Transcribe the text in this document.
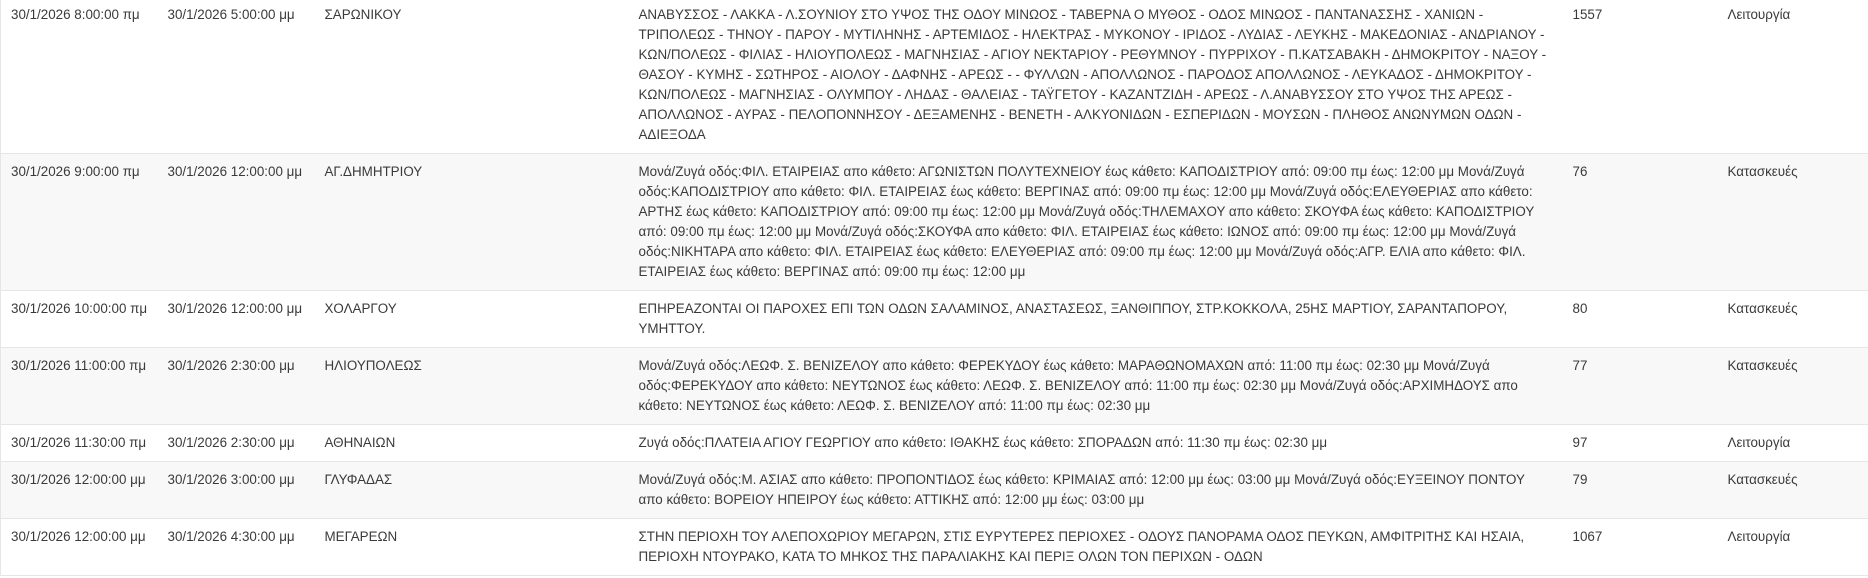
30/1/2026 8:00:00 πμ	30/1/2026 5:00:00 μμ	ΣΑΡΩΝΙΚΟΥ	ΑΝΑΒΥΣΣΟΣ - ΛΑΚΚΑ - Λ.ΣΟΥΝΙΟΥ ΣΤΟ ΥΨΟΣ ΤΗΣ ΟΔΟΥ ΜΙΝΩΟΣ - ΤΑΒΕΡΝΑ Ο ΜΥΘΟΣ - ΟΔΟΣ ΜΙΝΩΟΣ - ΠΑΝΤΑΝΑΣΣΗΣ - ΧΑΝΙΩΝ - ΤΡΙΠΟΛΕΩΣ - ΤΗΝΟΥ - ΠΑΡΟΥ - ΜΥΤΙΛΗΝΗΣ - ΑΡΤΕΜΙΔΟΣ - ΗΛΕΚΤΡΑΣ - ΜΥΚΟΝΟΥ - ΙΡΙΔΟΣ - ΛΥΔΙΑΣ - ΛΕΥΚΗΣ - ΜΑΚΕΔΟΝΙΑΣ - ΑΝΔΡΙΑΝΟΥ - ΚΩΝ/ΠΟΛΕΩΣ - ΦΙΛΙΑΣ - ΗΛΙΟΥΠΟΛΕΩΣ - ΜΑΓΝΗΣΙΑΣ - ΑΓΙΟΥ ΝΕΚΤΑΡΙΟΥ - ΡΕΘΥΜΝΟΥ - ΠΥΡΡΙΧΟΥ - Π.ΚΑΤΣΑΒΑΚΗ - ΔΗΜΟΚΡΙΤΟΥ - ΝΑΞΟΥ - ΘΑΣΟΥ - ΚΥΜΗΣ - ΣΩΤΗΡΟΣ - ΑΙΟΛΟΥ - ΔΑΦΝΗΣ - ΑΡΕΩΣ - - ΦΥΛΛΩΝ - ΑΠΟΛΛΩΝΟΣ - ΠΑΡΟΔΟΣ ΑΠΟΛΛΩΝΟΣ - ΛΕΥΚΑΔΟΣ - ΔΗΜΟΚΡΙΤΟΥ - ΚΩΝ/ΠΟΛΕΩΣ - ΜΑΓΝΗΣΙΑΣ - ΟΛΥΜΠΟΥ - ΛΗΔΑΣ - ΘΑΛΕΙΑΣ - ΤΑΫΓΕΤΟΥ - ΚΑΖΑΝΤΖΙΔΗ - ΑΡΕΩΣ - Λ.ΑΝΑΒΥΣΣΟΥ ΣΤΟ ΥΨΟΣ ΤΗΣ ΑΡΕΩΣ - ΑΠΟΛΛΩΝΟΣ - ΑΥΡΑΣ - ΠΕΛΟΠΟΝΝΗΣΟΥ - ΔΕΞΑΜΕΝΗΣ - ΒΕΝΕΤΗ - ΑΛΚΥΟΝΙΔΩΝ - ΕΣΠΕΡΙΔΩΝ - ΜΟΥΣΩΝ - ΠΛΗΘΟΣ ΑΝΩΝΥΜΩΝ ΟΔΩΝ - ΑΔΙΕΞΟΔΑ	1557	Λειτουργία
30/1/2026 9:00:00 πμ	30/1/2026 12:00:00 μμ	ΑΓ.ΔΗΜΗΤΡΙΟΥ	Μονά/Ζυγά οδός:ΦΙΛ. ΕΤΑΙΡΕΙΑΣ απο κάθετο: ΑΓΩΝΙΣΤΩΝ ΠΟΛΥΤΕΧΝΕΙΟΥ έως κάθετο: ΚΑΠΟΔΙΣΤΡΙΟΥ από: 09:00 πμ έως: 12:00 μμ Μονά/Ζυγά οδός:ΚΑΠΟΔΙΣΤΡΙΟΥ απο κάθετο: ΦΙΛ. ΕΤΑΙΡΕΙΑΣ έως κάθετο: ΒΕΡΓΙΝΑΣ από: 09:00 πμ έως: 12:00 μμ Μονά/Ζυγά οδός:ΕΛΕΥΘΕΡΙΑΣ απο κάθετο: ΑΡΤΗΣ έως κάθετο: ΚΑΠΟΔΙΣΤΡΙΟΥ από: 09:00 πμ έως: 12:00 μμ Μονά/Ζυγά οδός:ΤΗΛΕΜΑΧΟΥ απο κάθετο: ΣΚΟΥΦΑ έως κάθετο: ΚΑΠΟΔΙΣΤΡΙΟΥ από: 09:00 πμ έως: 12:00 μμ Μονά/Ζυγά οδός:ΣΚΟΥΦΑ απο κάθετο: ΦΙΛ. ΕΤΑΙΡΕΙΑΣ έως κάθετο: ΙΩΝΟΣ από: 09:00 πμ έως: 12:00 μμ Μονά/Ζυγά οδός:ΝΙΚΗΤΑΡΑ απο κάθετο: ΦΙΛ. ΕΤΑΙΡΕΙΑΣ έως κάθετο: ΕΛΕΥΘΕΡΙΑΣ από: 09:00 πμ έως: 12:00 μμ Μονά/Ζυγά οδός:ΑΓΡ. ΕΛΙΑ απο κάθετο: ΦΙΛ. ΕΤΑΙΡΕΙΑΣ έως κάθετο: ΒΕΡΓΙΝΑΣ από: 09:00 πμ έως: 12:00 μμ	76	Κατασκευές
30/1/2026 10:00:00 πμ	30/1/2026 12:00:00 μμ	ΧΟΛΑΡΓΟΥ	ΕΠΗΡΕΑΖΟΝΤΑΙ ΟΙ ΠΑΡΟΧΕΣ ΕΠΙ ΤΩΝ ΟΔΩΝ ΣΑΛΑΜΙΝΟΣ, ΑΝΑΣΤΑΣΕΩΣ, ΞΑΝΘΙΠΠΟΥ, ΣΤΡ.ΚΟΚΚΟΛΑ, 25ΗΣ ΜΑΡΤΙΟΥ, ΣΑΡΑΝΤΑΠΟΡΟΥ, ΥΜΗΤΤΟΥ.	80	Κατασκευές
30/1/2026 11:00:00 πμ	30/1/2026 2:30:00 μμ	ΗΛΙΟΥΠΟΛΕΩΣ	Μονά/Ζυγά οδός:ΛΕΩΦ. Σ. ΒΕΝΙΖΕΛΟΥ απο κάθετο: ΦΕΡΕΚΥΔΟΥ έως κάθετο: ΜΑΡΑΘΩΝΟΜΑΧΩΝ από: 11:00 πμ έως: 02:30 μμ Μονά/Ζυγά οδός:ΦΕΡΕΚΥΔΟΥ απο κάθετο: ΝΕΥΤΩΝΟΣ έως κάθετο: ΛΕΩΦ. Σ. ΒΕΝΙΖΕΛΟΥ από: 11:00 πμ έως: 02:30 μμ Μονά/Ζυγά οδός:ΑΡΧΙΜΗΔΟΥΣ απο κάθετο: ΝΕΥΤΩΝΟΣ έως κάθετο: ΛΕΩΦ. Σ. ΒΕΝΙΖΕΛΟΥ από: 11:00 πμ έως: 02:30 μμ	77	Κατασκευές
30/1/2026 11:30:00 πμ	30/1/2026 2:30:00 μμ	ΑΘΗΝΑΙΩΝ	Ζυγά οδός:ΠΛΑΤΕΙΑ ΑΓΙΟΥ ΓΕΩΡΓΙΟΥ απο κάθετο: ΙΘΑΚΗΣ έως κάθετο: ΣΠΟΡΑΔΩΝ από: 11:30 πμ έως: 02:30 μμ	97	Λειτουργία
30/1/2026 12:00:00 μμ	30/1/2026 3:00:00 μμ	ΓΛΥΦΑΔΑΣ	Μονά/Ζυγά οδός:Μ. ΑΣΙΑΣ απο κάθετο: ΠΡΟΠΟΝΤΙΔΟΣ έως κάθετο: ΚΡΙΜΑΙΑΣ από: 12:00 μμ έως: 03:00 μμ Μονά/Ζυγά οδός:ΕΥΞΕΙΝΟΥ ΠΟΝΤΟΥ απο κάθετο: ΒΟΡΕΙΟΥ ΗΠΕΙΡΟΥ έως κάθετο: ΑΤΤΙΚΗΣ από: 12:00 μμ έως: 03:00 μμ	79	Κατασκευές
30/1/2026 12:00:00 μμ	30/1/2026 4:30:00 μμ	ΜΕΓΑΡΕΩΝ	ΣΤΗΝ ΠΕΡΙΟΧΗ ΤΟΥ ΑΛΕΠΟΧΩΡΙΟΥ ΜΕΓΑΡΩΝ, ΣΤΙΣ ΕΥΡΥΤΕΡΕΣ ΠΕΡΙΟΧΕΣ - ΟΔΟΥΣ ΠΑΝΟΡΑΜΑ ΟΔΟΣ ΠΕΥΚΩΝ, ΑΜΦΙΤΡΙΤΗΣ ΚΑΙ ΗΣΑΙΑ, ΠΕΡΙΟΧΗ ΝΤΟΥΡΑΚΟ, ΚΑΤΑ ΤΟ ΜΗΚΟΣ ΤΗΣ ΠΑΡΑΛΙΑΚΗΣ ΚΑΙ ΠΕΡΙΞ ΟΛΩΝ ΤΟΝ ΠΕΡΙΧΩΝ - ΟΔΩΝ	1067	Λειτουργία
